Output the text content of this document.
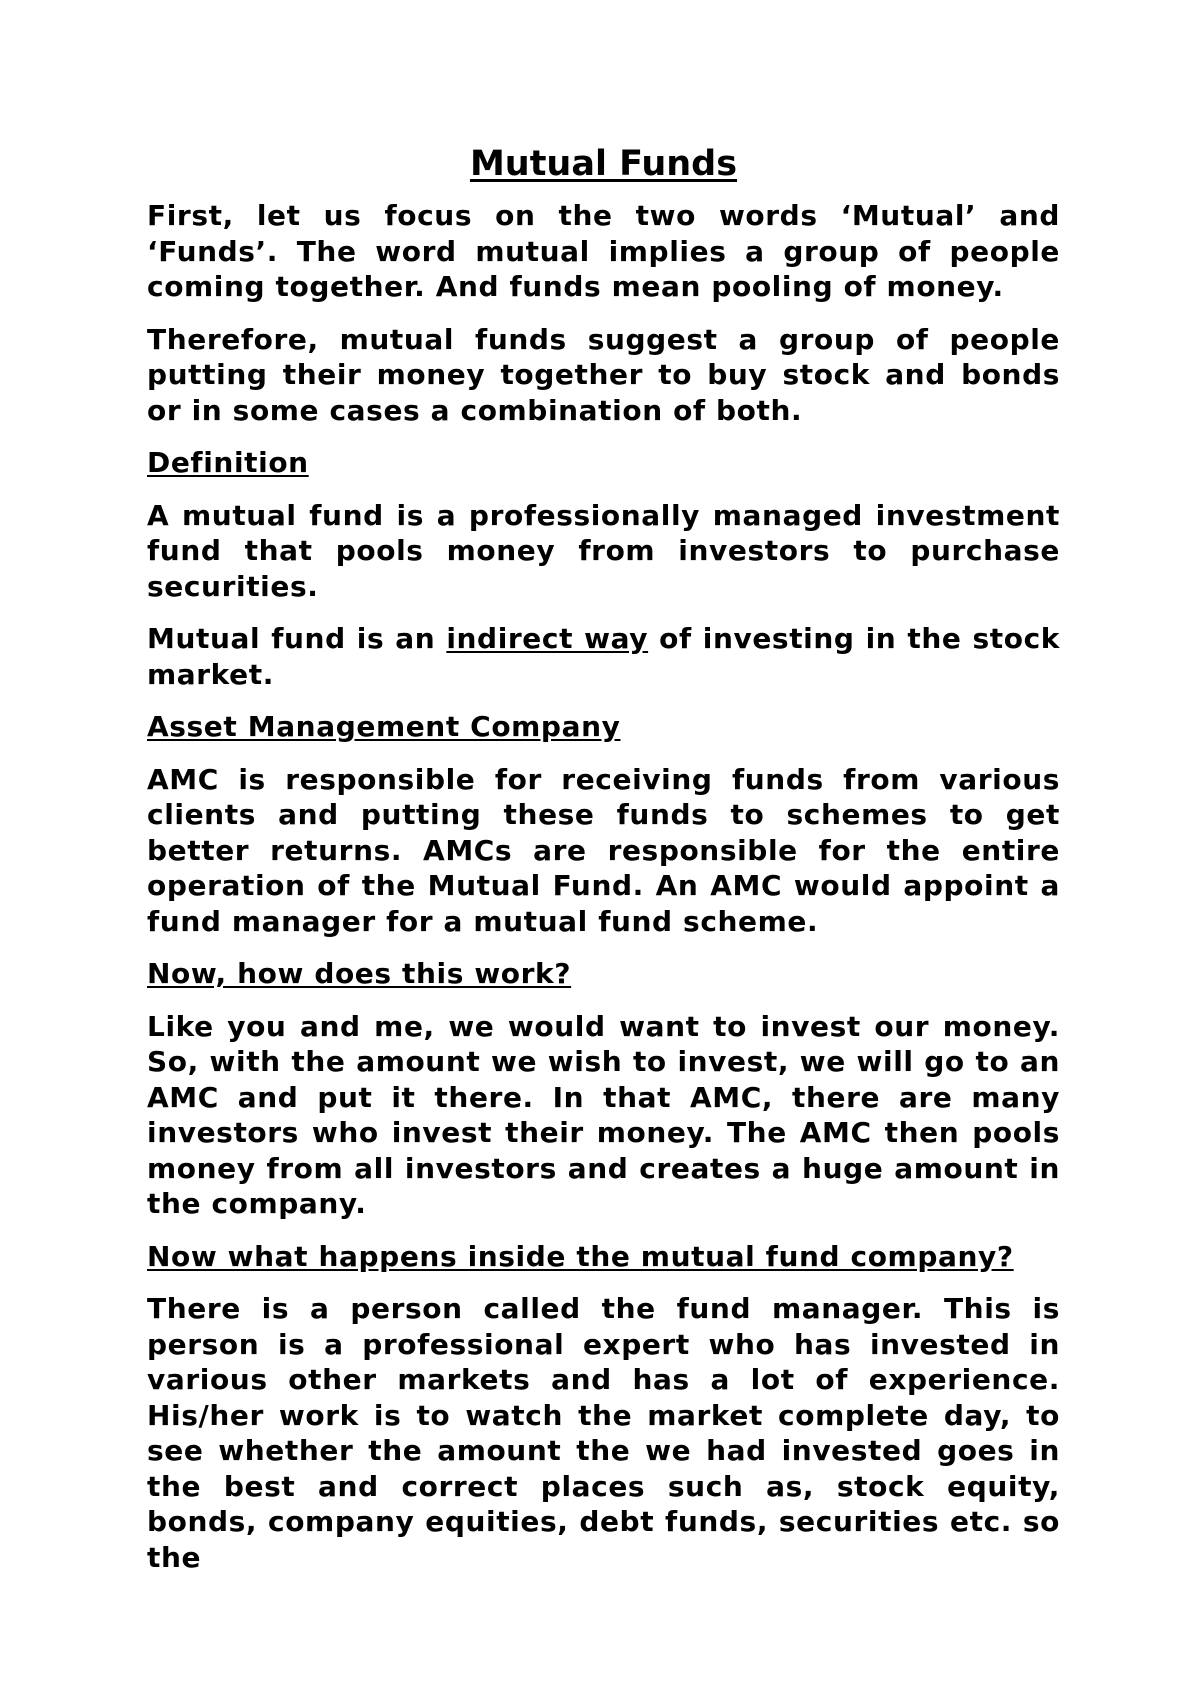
Mutual Funds

First, let us focus on the two words ‘Mutual’ and ‘Funds’. The word mutual implies a group of people coming together. And funds mean pooling of money.

Therefore, mutual funds suggest a group of people putting their money together to buy stock and bonds or in some cases a combination of both.

Definition

A mutual fund is a professionally managed investment fund that pools money from investors to purchase securities.

Mutual fund is an indirect way of investing in the stock market.

Asset Management Company

AMC is responsible for receiving funds from various clients and putting these funds to schemes to get better returns. AMCs are responsible for the entire operation of the Mutual Fund. An AMC would appoint a fund manager for a mutual fund scheme.

Now, how does this work?

Like you and me, we would want to invest our money. So, with the amount we wish to invest, we will go to an AMC and put it there. In that AMC, there are many investors who invest their money. The AMC then pools money from all investors and creates a huge amount in the company.

Now what happens inside the mutual fund company?

There is a person called the fund manager. This is person is a professional expert who has invested in various other markets and has a lot of experience. His/her work is to watch the market complete day, to see whether the amount the we had invested goes in the best and correct places such as, stock equity, bonds, company equities, debt funds, securities etc. so the
